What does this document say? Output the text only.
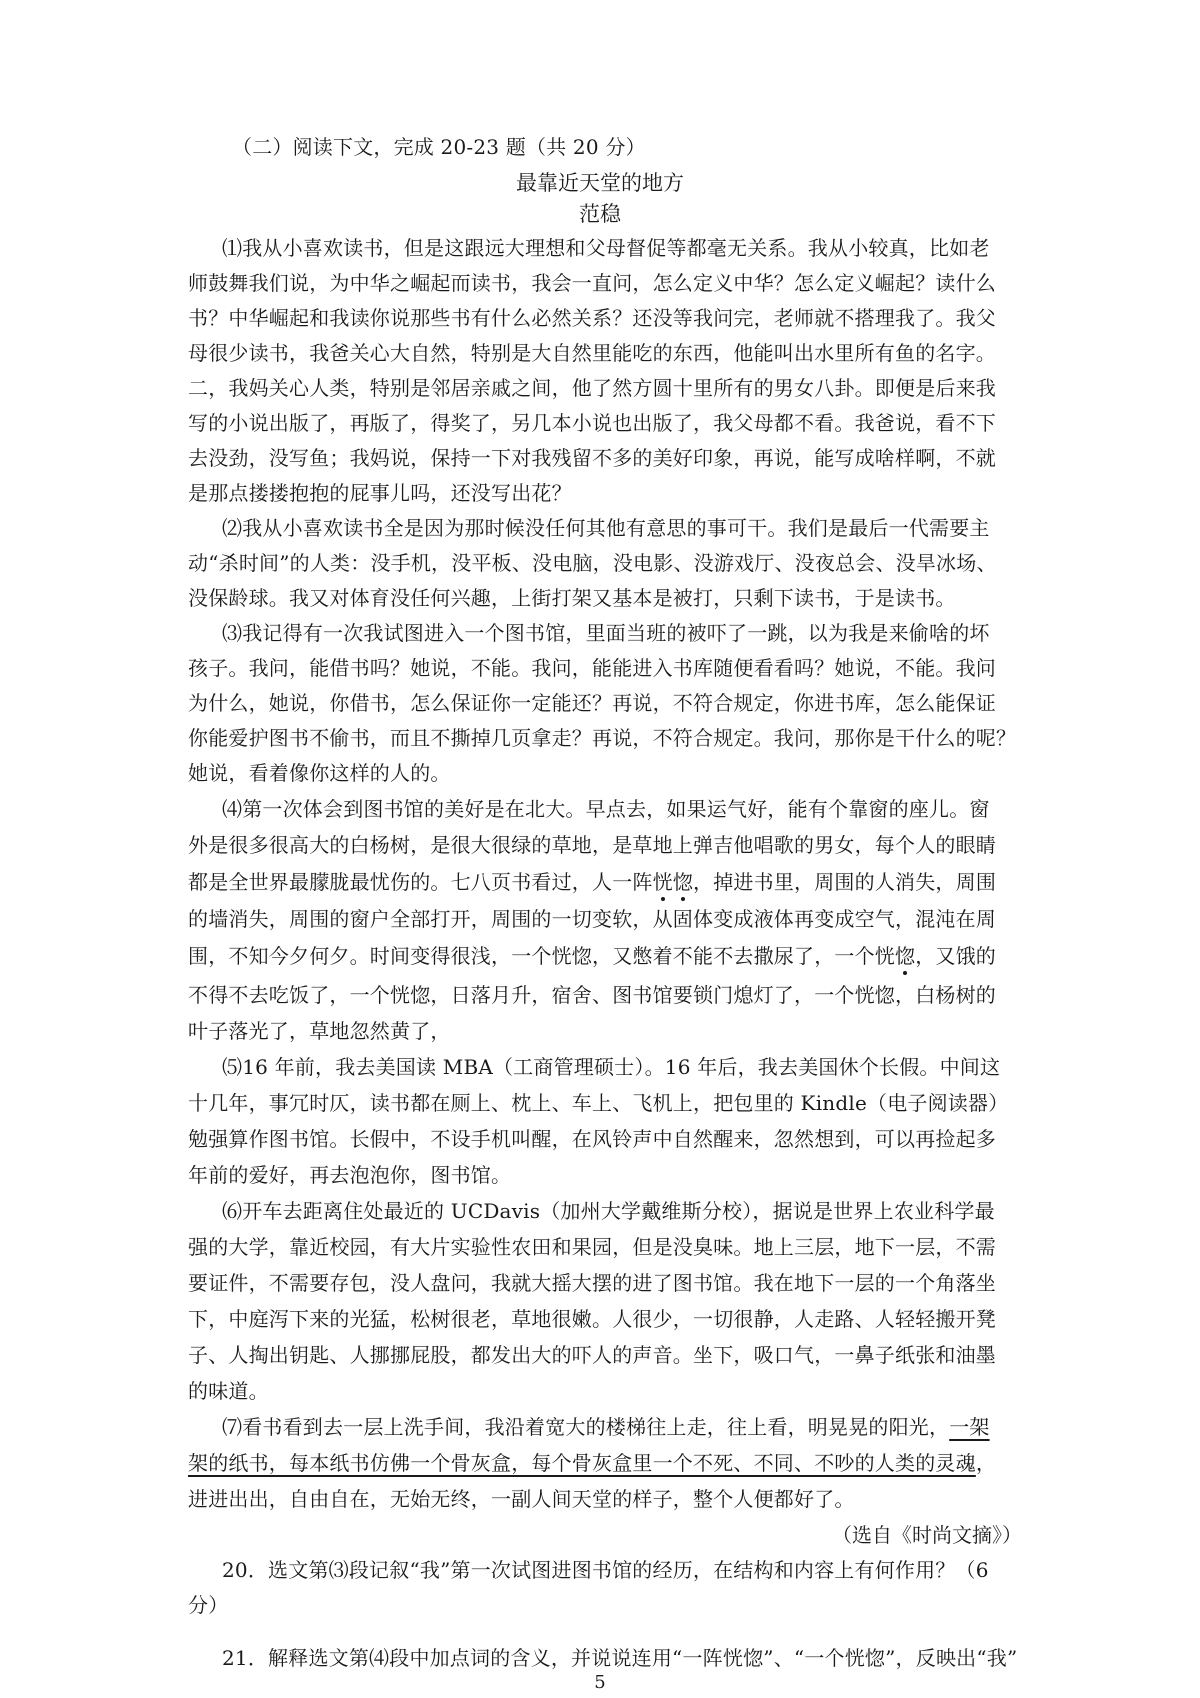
（二）阅读下文，完成 20-23 题（共 20 分）
最靠近天堂的地方
范稳
⑴我从小喜欢读书，但是这跟远大理想和父母督促等都毫无关系。我从小较真，比如老
师鼓舞我们说，为中华之崛起而读书，我会一直问，怎么定义中华？怎么定义崛起？读什么
书？中华崛起和我读你说那些书有什么必然关系？还没等我问完，老师就不搭理我了。我父
母很少读书，我爸关心大自然，特别是大自然里能吃的东西，他能叫出水里所有鱼的名字。
二，我妈关心人类，特别是邻居亲戚之间，他了然方圆十里所有的男女八卦。即便是后来我
写的小说出版了，再版了，得奖了，另几本小说也出版了，我父母都不看。我爸说，看不下
去没劲，没写鱼；我妈说，保持一下对我残留不多的美好印象，再说，能写成啥样啊，不就
是那点搂搂抱抱的屁事儿吗，还没写出花？
⑵我从小喜欢读书全是因为那时候没任何其他有意思的事可干。我们是最后一代需要主
动“杀时间”的人类：没手机，没平板、没电脑，没电影、没游戏厅、没夜总会、没旱冰场、
没保龄球。我又对体育没任何兴趣，上街打架又基本是被打，只剩下读书，于是读书。
⑶我记得有一次我试图进入一个图书馆，里面当班的被吓了一跳，以为我是来偷啥的坏
孩子。我问，能借书吗？她说，不能。我问，能能进入书库随便看看吗？她说，不能。我问
为什么，她说，你借书，怎么保证你一定能还？再说，不符合规定，你进书库，怎么能保证
你能爱护图书不偷书，而且不撕掉几页拿走？再说，不符合规定。我问，那你是干什么的呢？
她说，看着像你这样的人的。
⑷第一次体会到图书馆的美好是在北大。早点去，如果运气好，能有个靠窗的座儿。窗
外是很多很高大的白杨树，是很大很绿的草地，是草地上弹吉他唱歌的男女，每个人的眼睛
都是全世界最朦胧最忧伤的。七八页书看过，人一阵恍惚，掉进书里，周围的人消失，周围
的墙消失，周围的窗户全部打开，周围的一切变软，从固体变成液体再变成空气，混沌在周
围，不知今夕何夕。时间变得很浅，一个恍惚，又憋着不能不去撒尿了，一个恍惚，又饿的
不得不去吃饭了，一个恍惚，日落月升，宿舍、图书馆要锁门熄灯了，一个恍惚，白杨树的
叶子落光了，草地忽然黄了，
⑸16 年前，我去美国读 MBA（工商管理硕士）。16 年后，我去美国休个长假。中间这
十几年，事冗时仄，读书都在厕上、枕上、车上、飞机上，把包里的 Kindle（电子阅读器）
勉强算作图书馆。长假中，不设手机叫醒，在风铃声中自然醒来，忽然想到，可以再捡起多
年前的爱好，再去泡泡你，图书馆。
⑹开车去距离住处最近的 UCDavis（加州大学戴维斯分校），据说是世界上农业科学最
强的大学，靠近校园，有大片实验性农田和果园，但是没臭味。地上三层，地下一层，不需
要证件，不需要存包，没人盘问，我就大摇大摆的进了图书馆。我在地下一层的一个角落坐
下，中庭泻下来的光猛，松树很老，草地很嫩。人很少，一切很静，人走路、人轻轻搬开凳
子、人掏出钥匙、人挪挪屁股，都发出大的吓人的声音。坐下，吸口气，一鼻子纸张和油墨
的味道。
⑺看书看到去一层上洗手间，我沿着宽大的楼梯往上走，往上看，明晃晃的阳光，一架
架的纸书，每本纸书仿佛一个骨灰盒，每个骨灰盒里一个不死、不同、不吵的人类的灵魂，
进进出出，自由自在，无始无终，一副人间天堂的样子，整个人便都好了。
（选自《时尚文摘》）
20．选文第⑶段记叙“我”第一次试图进图书馆的经历，在结构和内容上有何作用？（6
分）
21．解释选文第⑷段中加点词的含义，并说说连用“一阵恍惚”、“一个恍惚”，反映出“我”
5
